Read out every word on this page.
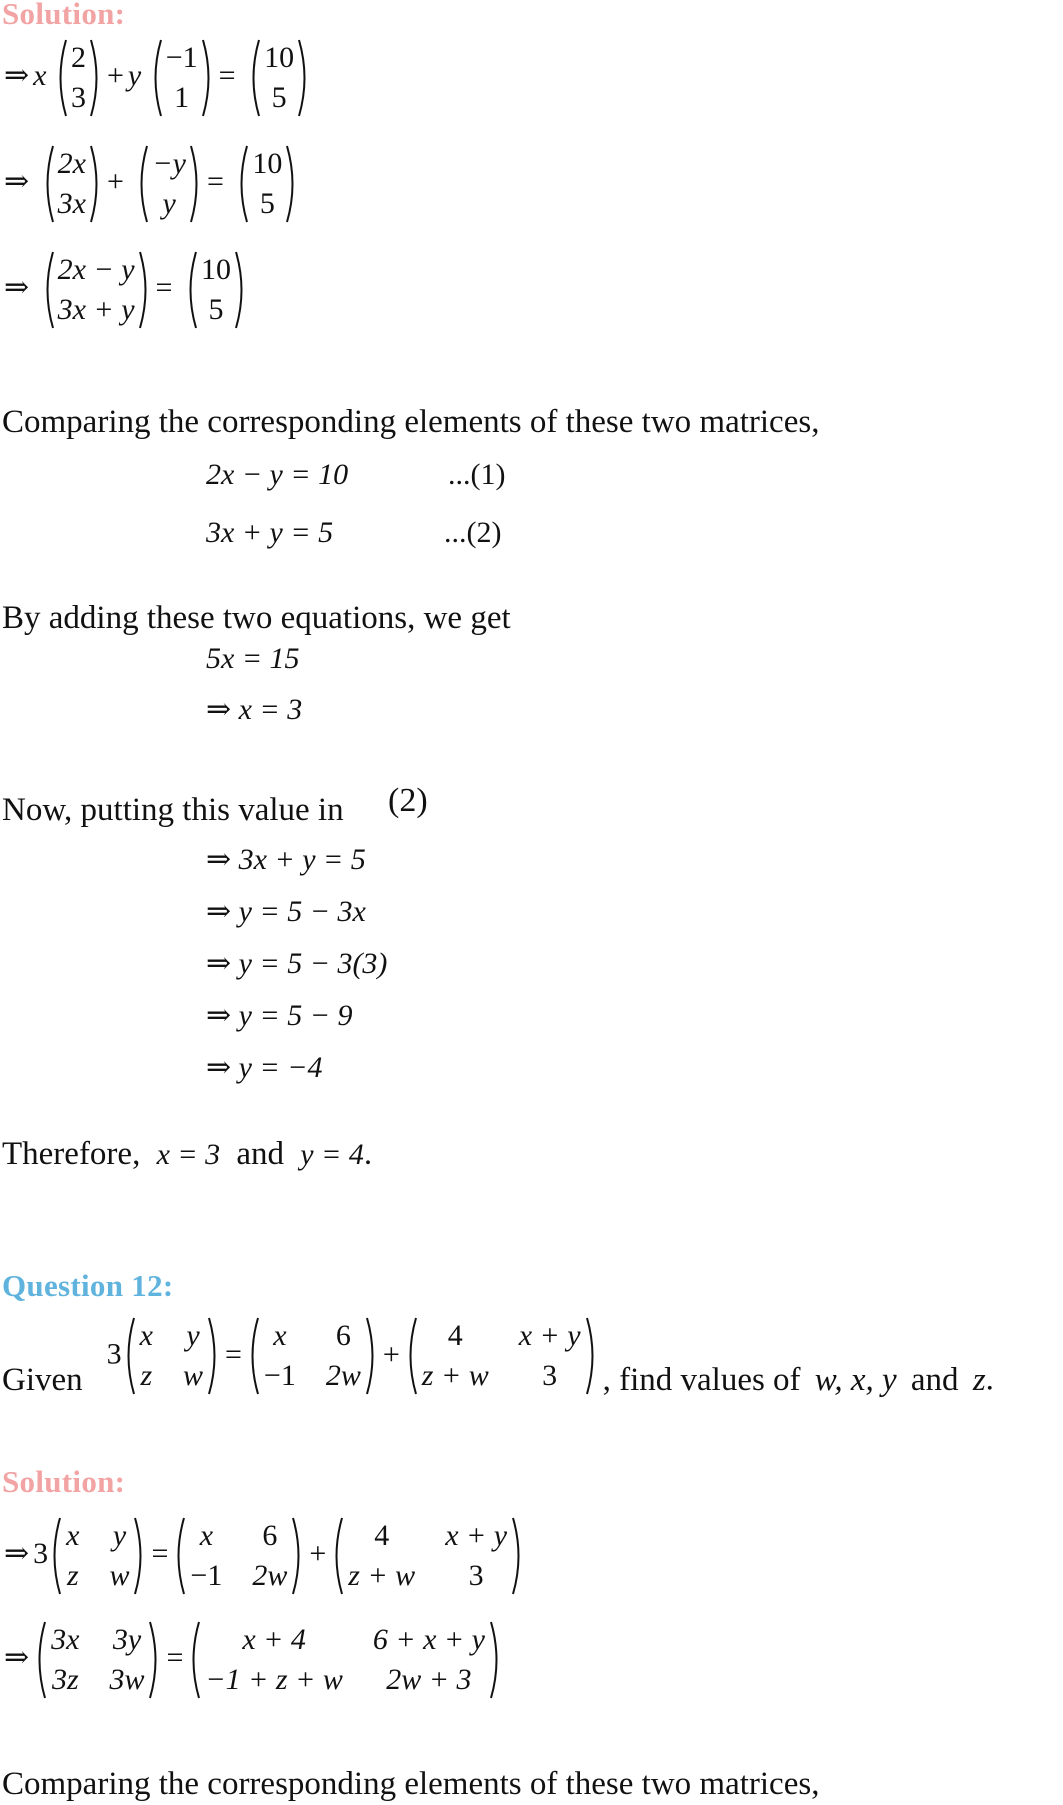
Solution:
⇒ x
2
3
+ y
−1
1
=
10
5
⇒
2x
3x
+
−y
y
=
10
5
⇒
2x − y
3x + y
=
10
5
Comparing the corresponding elements of these two matrices,
2x − y = 10	...(1)
3x + y = 5	...(2)
By adding these two equations, we get
5x = 15
⇒ x = 3
Now, putting this value in (2)
⇒ 3x + y = 5
⇒ y = 5 − 3x
⇒ y = 5 − 3(3)
⇒ y = 5 − 9
⇒ y = −4
Therefore, x = 3 and y = 4.
Question 12:
Given3
x y
z w
=
x	6
−1 2w
+
4	x + y
z + w	3	, find values of w, x, y and z.
Solution:
⇒ 3
x y
z w
=
x	6
−1 2w
+
4	x + y
z + w	3
⇒
3x 3y
3z 3w
=
x + 4	6 + x + y
−1 + z + w	2w + 3
Comparing the corresponding elements of these two matrices,
